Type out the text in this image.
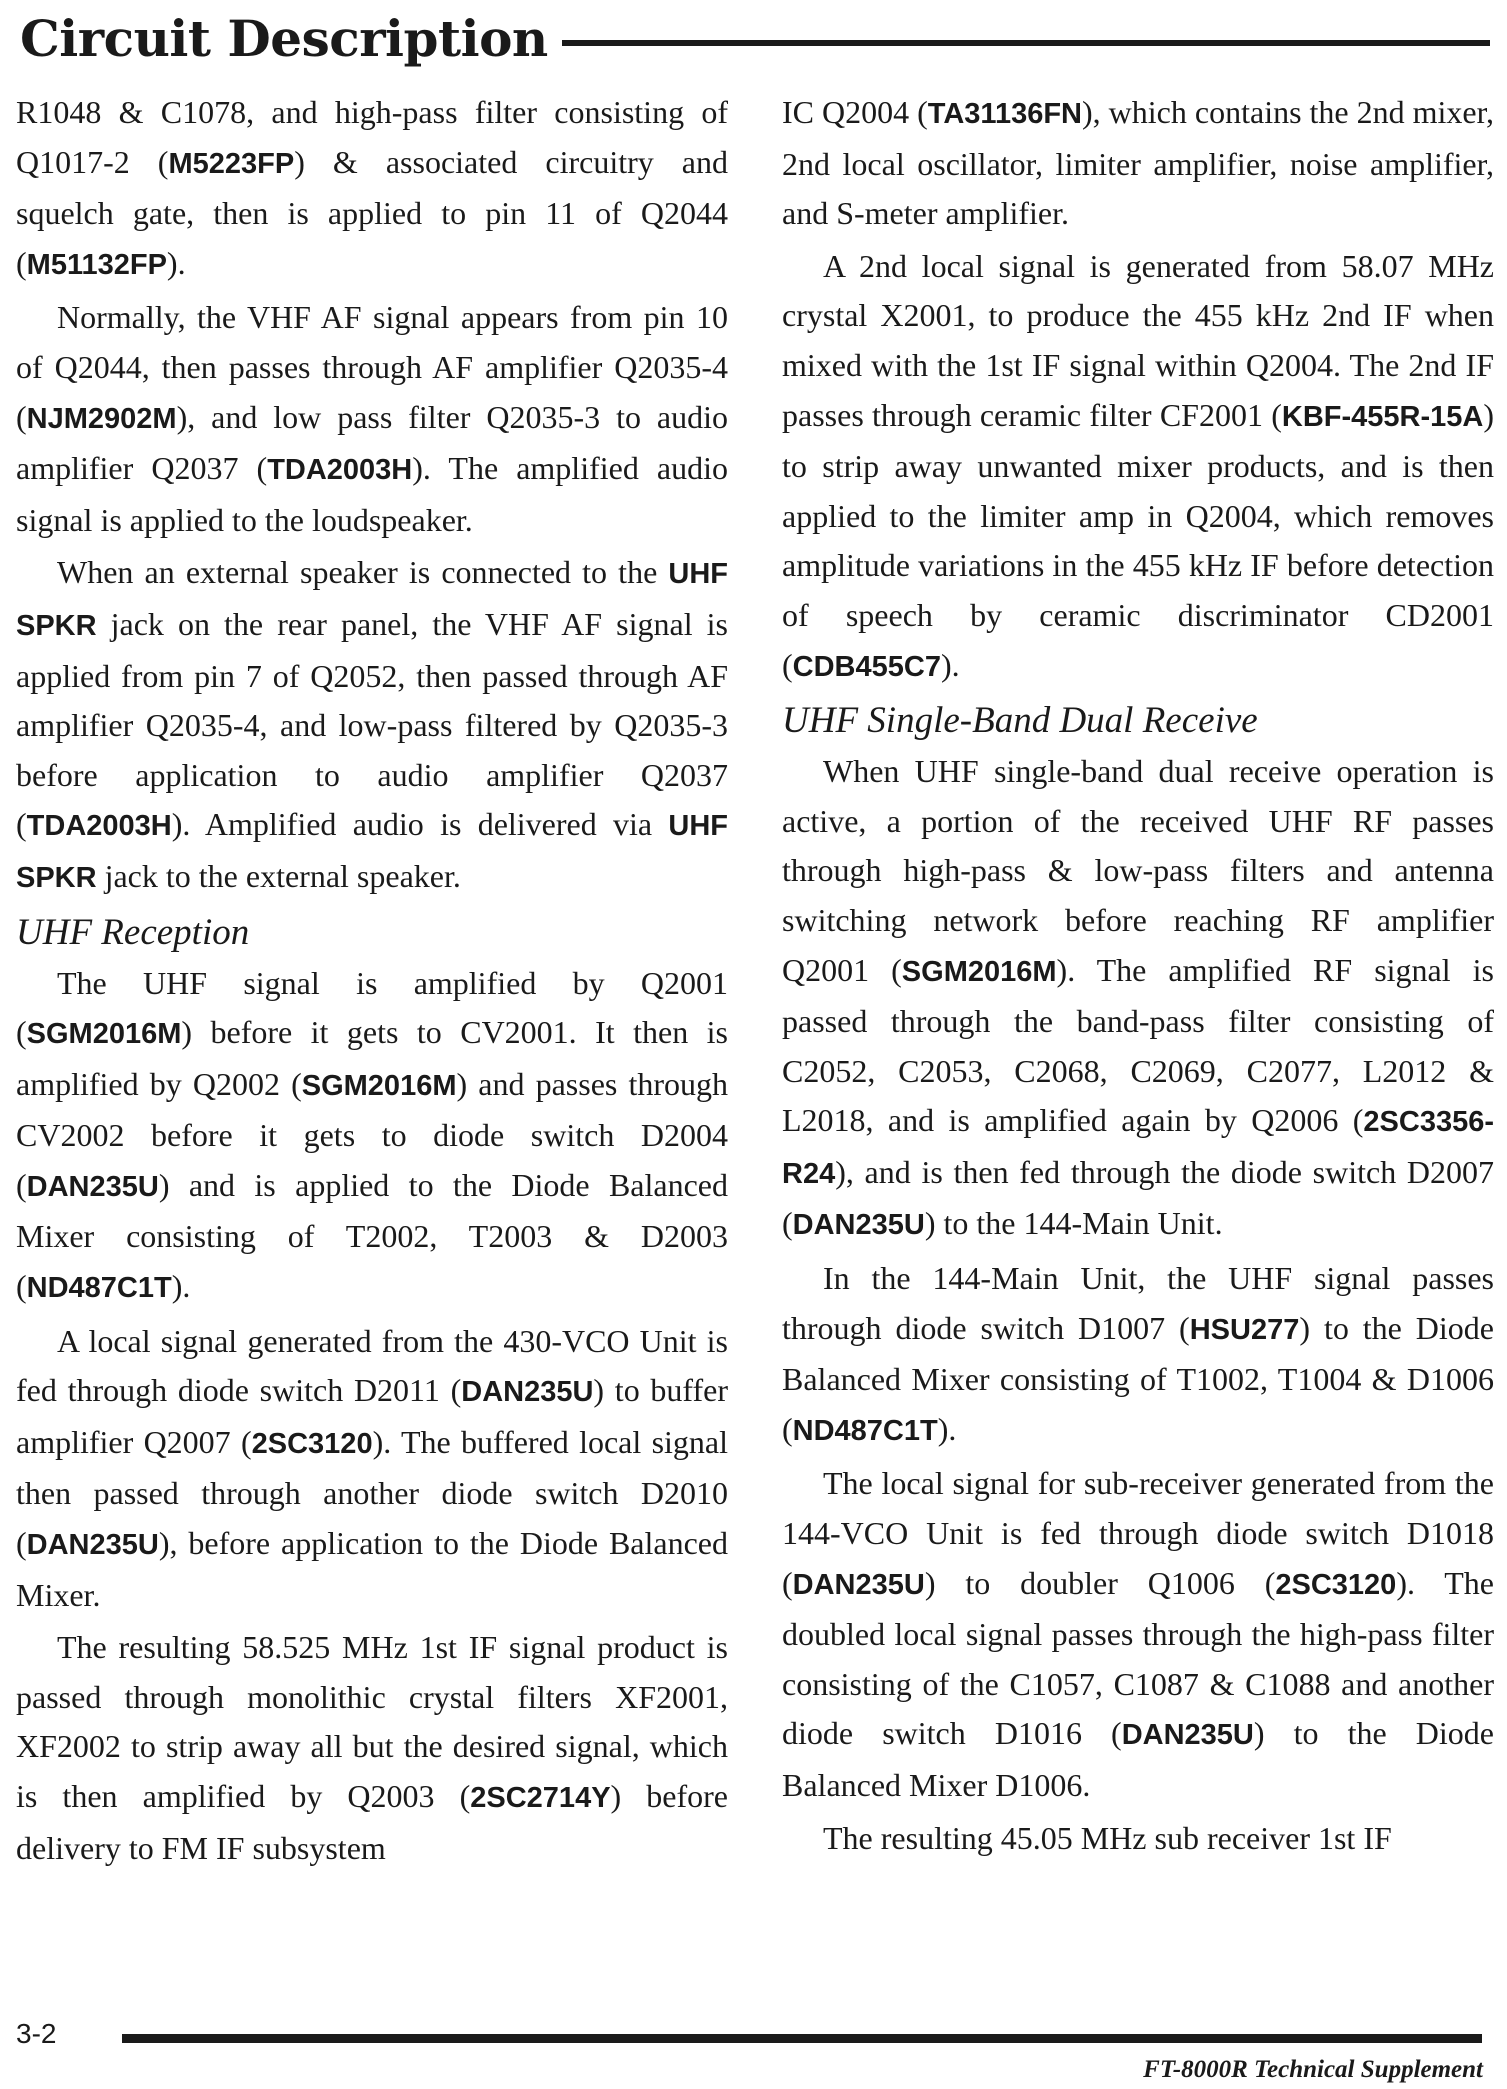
Circuit Description

R1048 & C1078, and high-pass filter consisting of Q1017-2 (M5223FP) & associated circuitry and squelch gate, then is applied to pin 11 of Q2044 (M51132FP).

Normally, the VHF AF signal appears from pin 10 of Q2044, then passes through AF amplifier Q2035-4 (NJM2902M), and low pass filter Q2035-3 to audio amplifier Q2037 (TDA2003H). The amplified audio signal is applied to the loudspeaker.

When an external speaker is connected to the UHF SPKR jack on the rear panel, the VHF AF signal is applied from pin 7 of Q2052, then passed through AF amplifier Q2035-4, and low-pass filtered by Q2035-3 before application to audio amplifier Q2037 (TDA2003H). Amplified audio is delivered via UHF SPKR jack to the external speaker.

UHF Reception

The UHF signal is amplified by Q2001 (SGM2016M) before it gets to CV2001. It then is amplified by Q2002 (SGM2016M) and passes through CV2002 before it gets to diode switch D2004 (DAN235U) and is applied to the Diode Balanced Mixer consisting of T2002, T2003 & D2003 (ND487C1T).

A local signal generated from the 430-VCO Unit is fed through diode switch D2011 (DAN235U) to buffer amplifier Q2007 (2SC3120). The buffered local signal then passed through another diode switch D2010 (DAN235U), before application to the Diode Balanced Mixer.

The resulting 58.525 MHz 1st IF signal product is passed through monolithic crystal filters XF2001, XF2002 to strip away all but the desired signal, which is then amplified by Q2003 (2SC2714Y) before delivery to FM IF subsystem

IC Q2004 (TA31136FN), which contains the 2nd mixer, 2nd local oscillator, limiter amplifier, noise amplifier, and S-meter amplifier.

A 2nd local signal is generated from 58.07 MHz crystal X2001, to produce the 455 kHz 2nd IF when mixed with the 1st IF signal within Q2004. The 2nd IF passes through ceramic filter CF2001 (KBF-455R-15A) to strip away unwanted mixer products, and is then applied to the limiter amp in Q2004, which removes amplitude variations in the 455 kHz IF before detection of speech by ceramic discriminator CD2001 (CDB455C7).

UHF Single-Band Dual Receive

When UHF single-band dual receive operation is active, a portion of the received UHF RF passes through high-pass & low-pass filters and antenna switching network before reaching RF amplifier Q2001 (SGM2016M). The amplified RF signal is passed through the band-pass filter consisting of C2052, C2053, C2068, C2069, C2077, L2012 & L2018, and is amplified again by Q2006 (2SC3356-R24), and is then fed through the diode switch D2007 (DAN235U) to the 144-Main Unit.

In the 144-Main Unit, the UHF signal passes through diode switch D1007 (HSU277) to the Diode Balanced Mixer consisting of T1002, T1004 & D1006 (ND487C1T).

The local signal for sub-receiver generated from the 144-VCO Unit is fed through diode switch D1018 (DAN235U) to doubler Q1006 (2SC3120). The doubled local signal passes through the high-pass filter consisting of the C1057, C1087 & C1088 and another diode switch D1016 (DAN235U) to the Diode Balanced Mixer D1006.

The resulting 45.05 MHz sub receiver 1st IF

3-2
FT-8000R Technical Supplement
